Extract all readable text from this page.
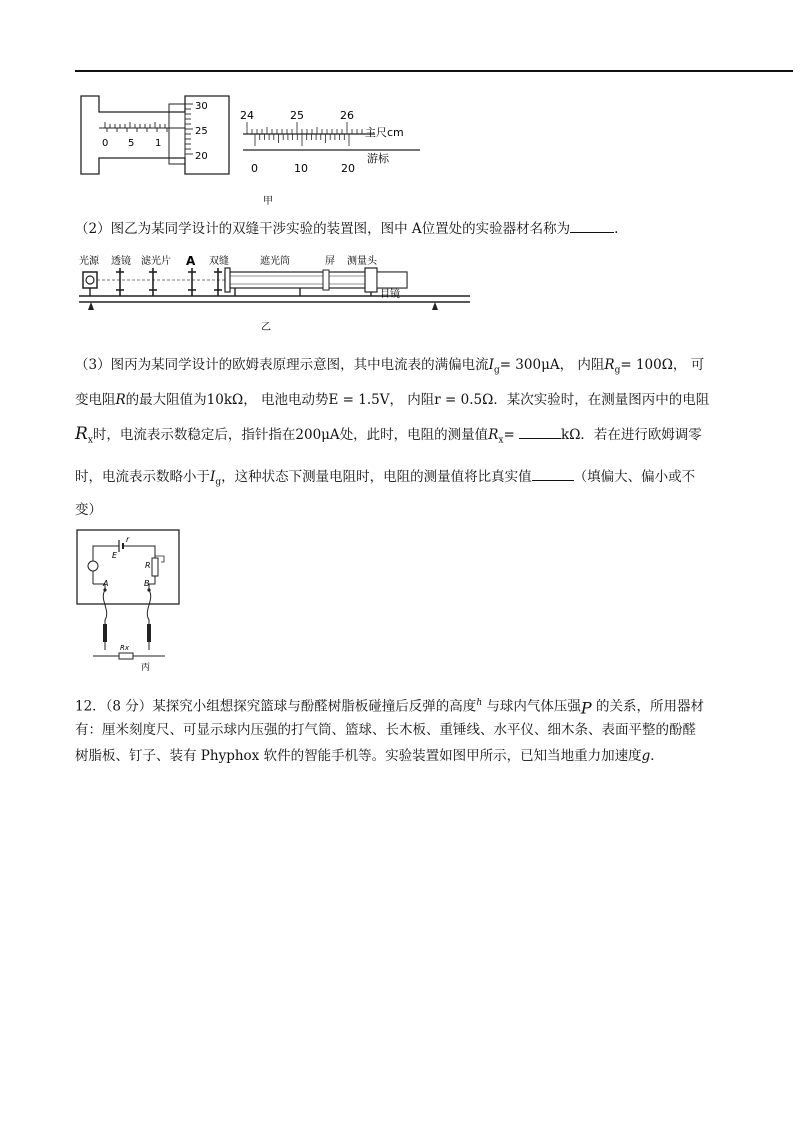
30
25
20
0 5 1
24	25	26
主尺cm
0	10	20
游标
甲
（2）图乙为某同学设计的双缝干涉实验的装置图，图中 A位置处的实验器材名称为	.
光源 透镜 滤光片 A 双缝	遮光筒	屏 测量头
目镜
乙
（3）图丙为某同学设计的欧姆表原理示意图，其中电流表的满偏电流$I_g= 300\mu A$， 内阻$R_g= 100\Omega$， 可
变电阻R的最大阻值为10kΩ， 电池电动势E = 1.5V， 内阻r = 0.5Ω．某次实验时，在测量图丙中的电阻
$R_x$时，电流表示数稳定后，指针指在200μA处，此时，电阻的测量值$R_x=$	kΩ．若在进行欧姆调零
时，电流表示数略小于$I_g$，这种状态下测量电阻时，电阻的测量值将比真实值	（填偏大、偏小或不
变）
E
r
R
A	B
Rx
丙
12．（8 分）某探究小组想探究篮球与酚醛树脂板碰撞后反弹的高度$^h$ 与球内气体压强P 的关系，所用器材
有：厘米刻度尺、可显示球内压强的打气筒、篮球、长木板、重锤线、水平仪、细木条、表面平整的酚醛
树脂板、钉子、装有 Phyphox 软件的智能手机等。实验装置如图甲所示，已知当地重力加速度g．
